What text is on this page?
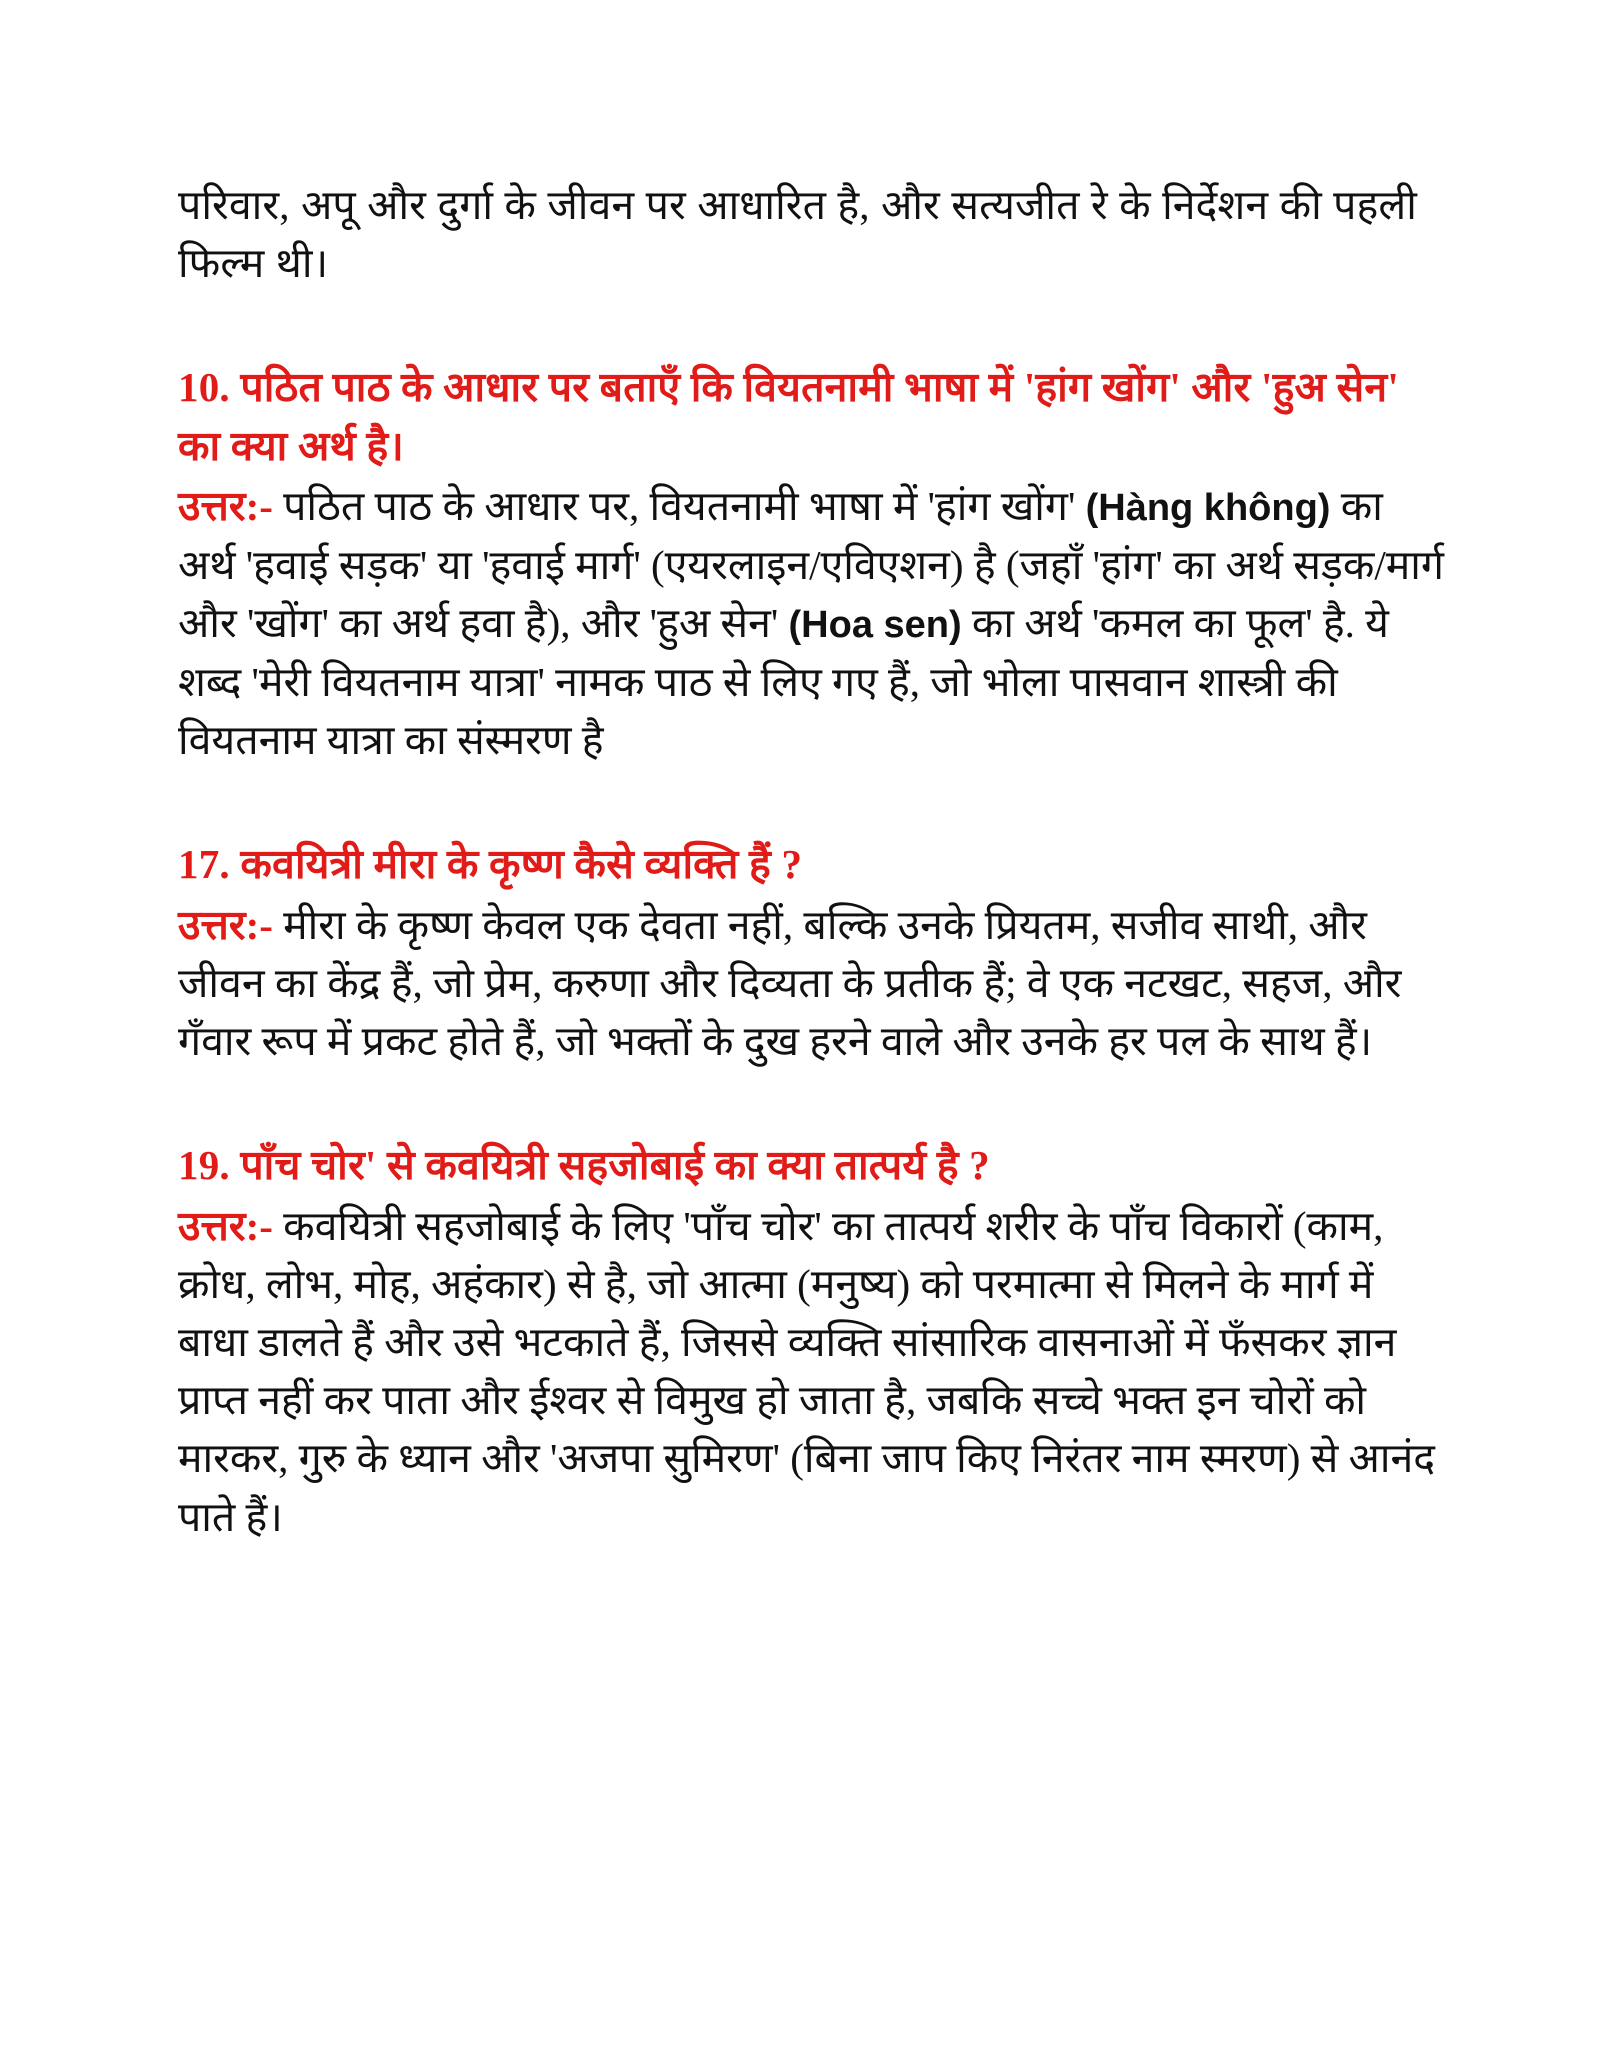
परिवार, अपू और दुर्गा के जीवन पर आधारित है, और सत्यजीत रे के निर्देशन की पहली फिल्म थी।

10. पठित पाठ के आधार पर बताएँ कि वियतनामी भाषा में 'हांग खोंग' और 'हुअ सेन' का क्या अर्थ है।

उत्तर:- पठित पाठ के आधार पर, वियतनामी भाषा में 'हांग खोंग' (Hàng không) का अर्थ 'हवाई सड़क' या 'हवाई मार्ग' (एयरलाइन/एविएशन) है (जहाँ 'हांग' का अर्थ सड़क/मार्ग और 'खोंग' का अर्थ हवा है), और 'हुअ सेन' (Hoa sen) का अर्थ 'कमल का फूल' है. ये शब्द 'मेरी वियतनाम यात्रा' नामक पाठ से लिए गए हैं, जो भोला पासवान शास्त्री की वियतनाम यात्रा का संस्मरण है

17. कवयित्री मीरा के कृष्ण कैसे व्यक्ति हैं ?

उत्तर:- मीरा के कृष्ण केवल एक देवता नहीं, बल्कि उनके प्रियतम, सजीव साथी, और जीवन का केंद्र हैं, जो प्रेम, करुणा और दिव्यता के प्रतीक हैं; वे एक नटखट, सहज, और गँवार रूप में प्रकट होते हैं, जो भक्तों के दुख हरने वाले और उनके हर पल के साथ हैं।

19. पाँच चोर' से कवयित्री सहजोबाई का क्या तात्पर्य है ?

उत्तर:- कवयित्री सहजोबाई के लिए 'पाँच चोर' का तात्पर्य शरीर के पाँच विकारों (काम, क्रोध, लोभ, मोह, अहंकार) से है, जो आत्मा (मनुष्य) को परमात्मा से मिलने के मार्ग में बाधा डालते हैं और उसे भटकाते हैं, जिससे व्यक्ति सांसारिक वासनाओं में फँसकर ज्ञान प्राप्त नहीं कर पाता और ईश्वर से विमुख हो जाता है, जबकि सच्चे भक्त इन चोरों को मारकर, गुरु के ध्यान और 'अजपा सुमिरण' (बिना जाप किए निरंतर नाम स्मरण) से आनंद पाते हैं।
